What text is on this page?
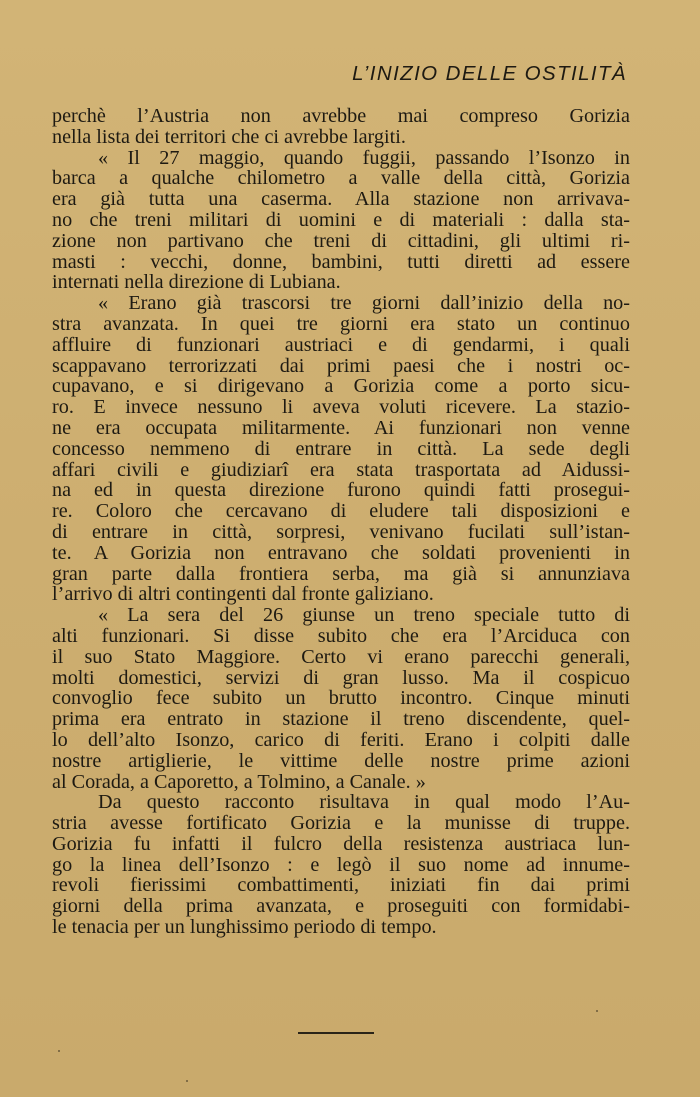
L’INIZIO DELLE OSTILITÀ
perchè l’Austria non avrebbe mai compreso Gorizia
nella lista dei territori che ci avrebbe largiti.
« Il 27 maggio, quando fuggii, passando l’Isonzo in
barca a qualche chilometro a valle della città, Gorizia
era già tutta una caserma. Alla stazione non arrivava-
no che treni militari di uomini e di materiali : dalla sta-
zione non partivano che treni di cittadini, gli ultimi ri-
masti : vecchi, donne, bambini, tutti diretti ad essere
internati nella direzione di Lubiana.
« Erano già trascorsi tre giorni dall’inizio della no-
stra avanzata. In quei tre giorni era stato un continuo
affluire di funzionari austriaci e di gendarmi, i quali
scappavano terrorizzati dai primi paesi che i nostri oc-
cupavano, e si dirigevano a Gorizia come a porto sicu-
ro. E invece nessuno li aveva voluti ricevere. La stazio-
ne era occupata militarmente. Ai funzionari non venne
concesso nemmeno di entrare in città. La sede degli
affari civili e giudiziarî era stata trasportata ad Aidussi-
na ed in questa direzione furono quindi fatti prosegui-
re. Coloro che cercavano di eludere tali disposizioni e
di entrare in città, sorpresi, venivano fucilati sull’istan-
te. A Gorizia non entravano che soldati provenienti in
gran parte dalla frontiera serba, ma già si annunziava
l’arrivo di altri contingenti dal fronte galiziano.
« La sera del 26 giunse un treno speciale tutto di
alti funzionari. Si disse subito che era l’Arciduca con
il suo Stato Maggiore. Certo vi erano parecchi generali,
molti domestici, servizi di gran lusso. Ma il cospicuo
convoglio fece subito un brutto incontro. Cinque minuti
prima era entrato in stazione il treno discendente, quel-
lo dell’alto Isonzo, carico di feriti. Erano i colpiti dalle
nostre artiglierie, le vittime delle nostre prime azioni
al Corada, a Caporetto, a Tolmino, a Canale. »
Da questo racconto risultava in qual modo l’Au-
stria avesse fortificato Gorizia e la munisse di truppe.
Gorizia fu infatti il fulcro della resistenza austriaca lun-
go la linea dell’Isonzo : e legò il suo nome ad innume-
revoli fierissimi combattimenti, iniziati fin dai primi
giorni della prima avanzata, e proseguiti con formidabi-
le tenacia per un lunghissimo periodo di tempo.
